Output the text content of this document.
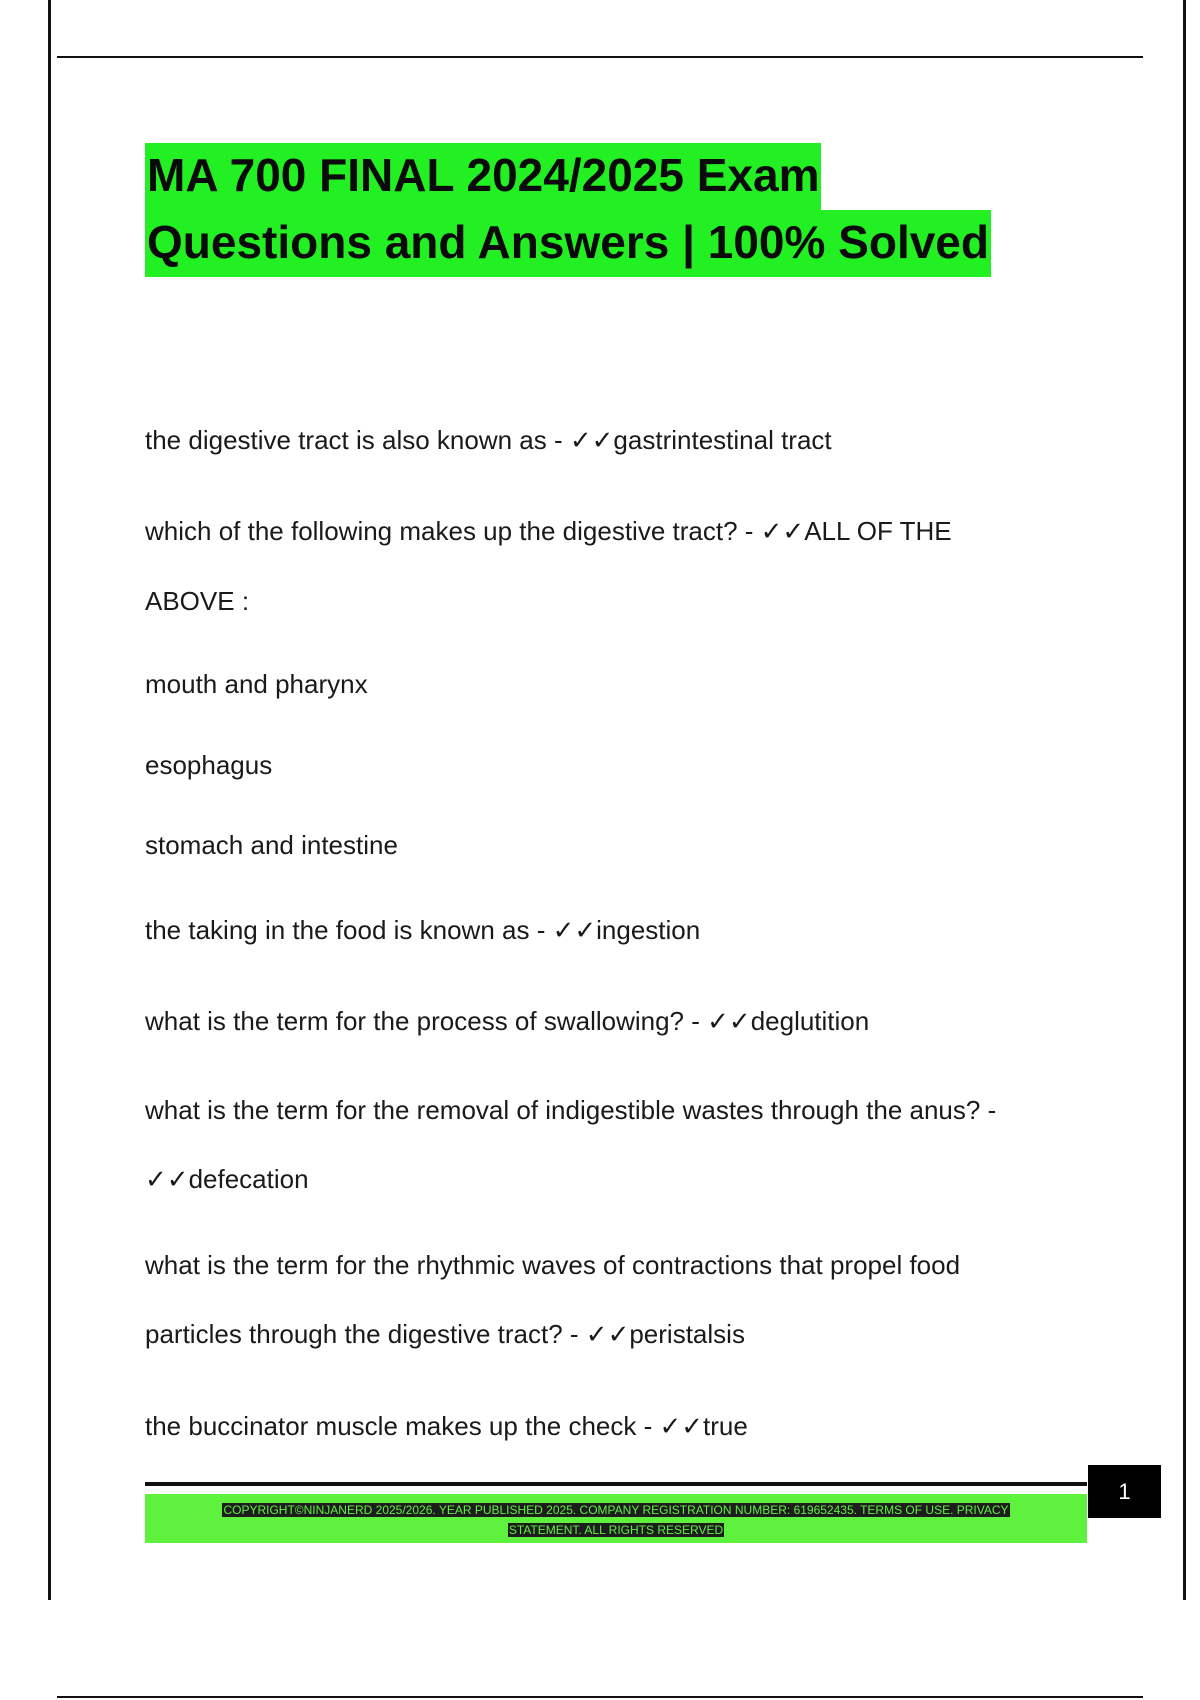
MA 700 FINAL 2024/2025 Exam
Questions and Answers | 100% Solved
the digestive tract is also known as - ✓✓gastrintestinal tract
which of the following makes up the digestive tract? - ✓✓ALL OF THE
ABOVE :
mouth and pharynx
esophagus
stomach and intestine
the taking in the food is known as - ✓✓ingestion
what is the term for the process of swallowing? - ✓✓deglutition
what is the term for the removal of indigestible wastes through the anus? -
✓✓defecation
what is the term for the rhythmic waves of contractions that propel food
particles through the digestive tract? - ✓✓peristalsis
the buccinator muscle makes up the check - ✓✓true
COPYRIGHT©NINJANERD 2025/2026. YEAR PUBLISHED 2025. COMPANY REGISTRATION NUMBER: 619652435. TERMS OF USE. PRIVACY
STATEMENT. ALL RIGHTS RESERVED
1
